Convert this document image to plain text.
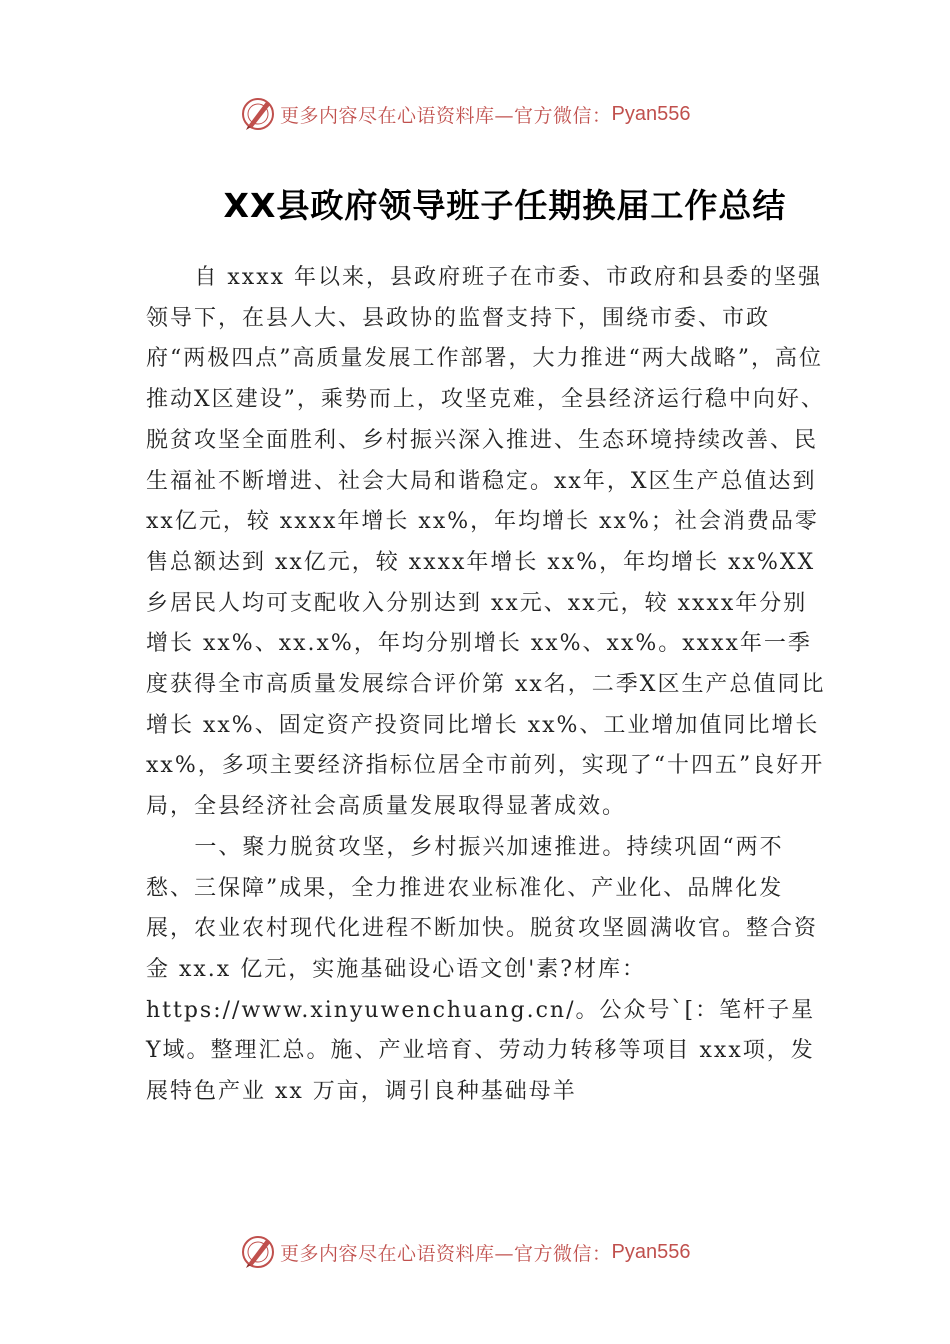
更多内容尽在心语资料库—官方微信： Pyan556
XX县政府领导班子任期换届工作总结

自 xxxx 年以来，县政府班子在市委、市政府和县委的坚强领导下，在县人大、县政协的监督支持下，围绕市委、市政府“两极四点”高质量发展工作部署，大力推进“两大战略”，高位推动X区建设”，乘势而上，攻坚克难，全县经济运行稳中向好、脱贫攻坚全面胜利、乡村振兴深入推进、生态环境持续改善、民生福祉不断增进、社会大局和谐稳定。xx年，X区生产总值达到 xx亿元，较 xxxx年增长 xx%，年均增长 xx%；社会消费品零售总额达到 xx亿元，较 xxxx年增长 xx%，年均增长 xx%XX乡居民人均可支配收入分别达到 xx元、xx元，较 xxxx年分别增长 xx%、xx.x%，年均分别增长 xx%、xx%。xxxx年一季度获得全市高质量发展综合评价第 xx名，二季X区生产总值同比增长 xx%、固定资产投资同比增长 xx%、工业增加值同比增长 xx%，多项主要经济指标位居全市前列，实现了“十四五”良好开局，全县经济社会高质量发展取得显著成效。

一、聚力脱贫攻坚，乡村振兴加速推进。持续巩固“两不愁、三保障”成果，全力推进农业标准化、产业化、品牌化发展，农业农村现代化进程不断加快。脱贫攻坚圆满收官。整合资金 xx.x 亿元，实施基础设心语文创'素?材库：https://www.xinyuwenchuang.cn/。公众号`[：笔杆子星Y域。整理汇总。施、产业培育、劳动力转移等项目 xxx项，发展特色产业 xx 万亩，调引良种基础母羊

更多内容尽在心语资料库—官方微信： Pyan556
